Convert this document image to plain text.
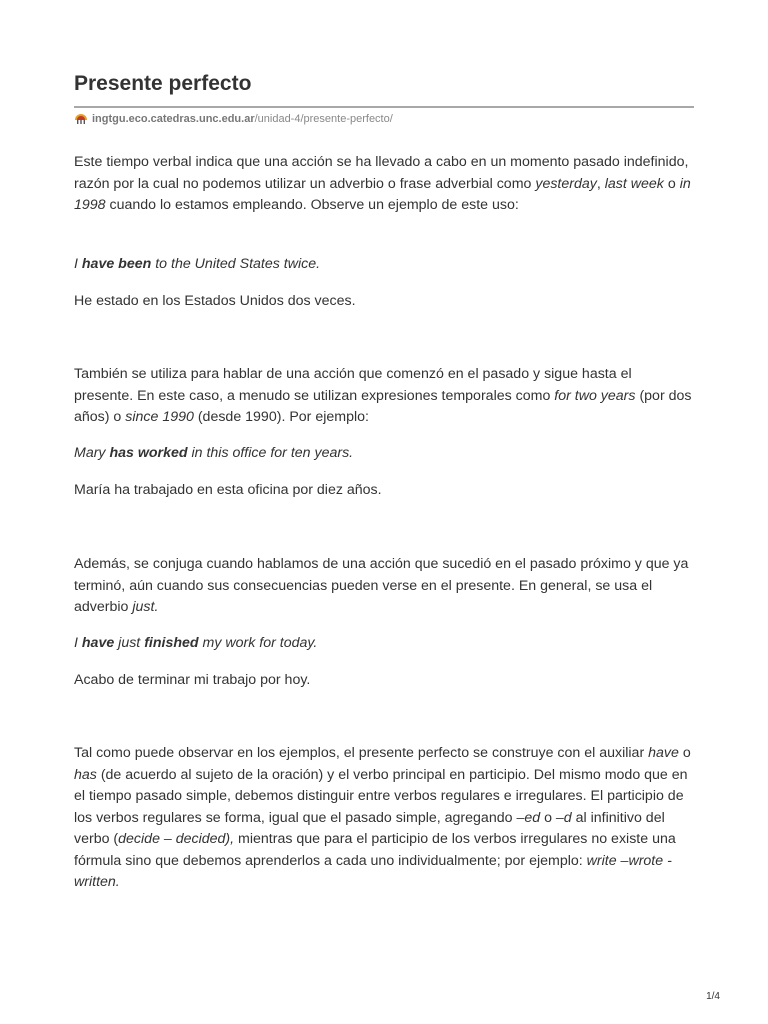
Presente perfecto
ingtgu.eco.catedras.unc.edu.ar /unidad-4/presente-perfecto/

Este tiempo verbal indica que una acción se ha llevado a cabo en un momento pasado indefinido, razón por la cual no podemos utilizar un adverbio o frase adverbial como yesterday, last week o in 1998 cuando lo estamos empleando. Observe un ejemplo de este uso:

I have been to the United States twice.

He estado en los Estados Unidos dos veces.

También se utiliza para hablar de una acción que comenzó en el pasado y sigue hasta el presente. En este caso, a menudo se utilizan expresiones temporales como for two years (por dos años) o since 1990 (desde 1990). Por ejemplo:

Mary has worked in this office for ten years.

María ha trabajado en esta oficina por diez años.

Además, se conjuga cuando hablamos de una acción que sucedió en el pasado próximo y que ya terminó, aún cuando sus consecuencias pueden verse en el presente. En general, se usa el adverbio just.

I have just finished my work for today.

Acabo de terminar mi trabajo por hoy.

Tal como puede observar en los ejemplos, el presente perfecto se construye con el auxiliar have o has (de acuerdo al sujeto de la oración) y el verbo principal en participio. Del mismo modo que en el tiempo pasado simple, debemos distinguir entre verbos regulares e irregulares. El participio de los verbos regulares se forma, igual que el pasado simple, agregando –ed o –d al infinitivo del verbo (decide – decided), mientras que para el participio de los verbos irregulares no existe una fórmula sino que debemos aprenderlos a cada uno individualmente; por ejemplo: write –wrote -written.

1/4
